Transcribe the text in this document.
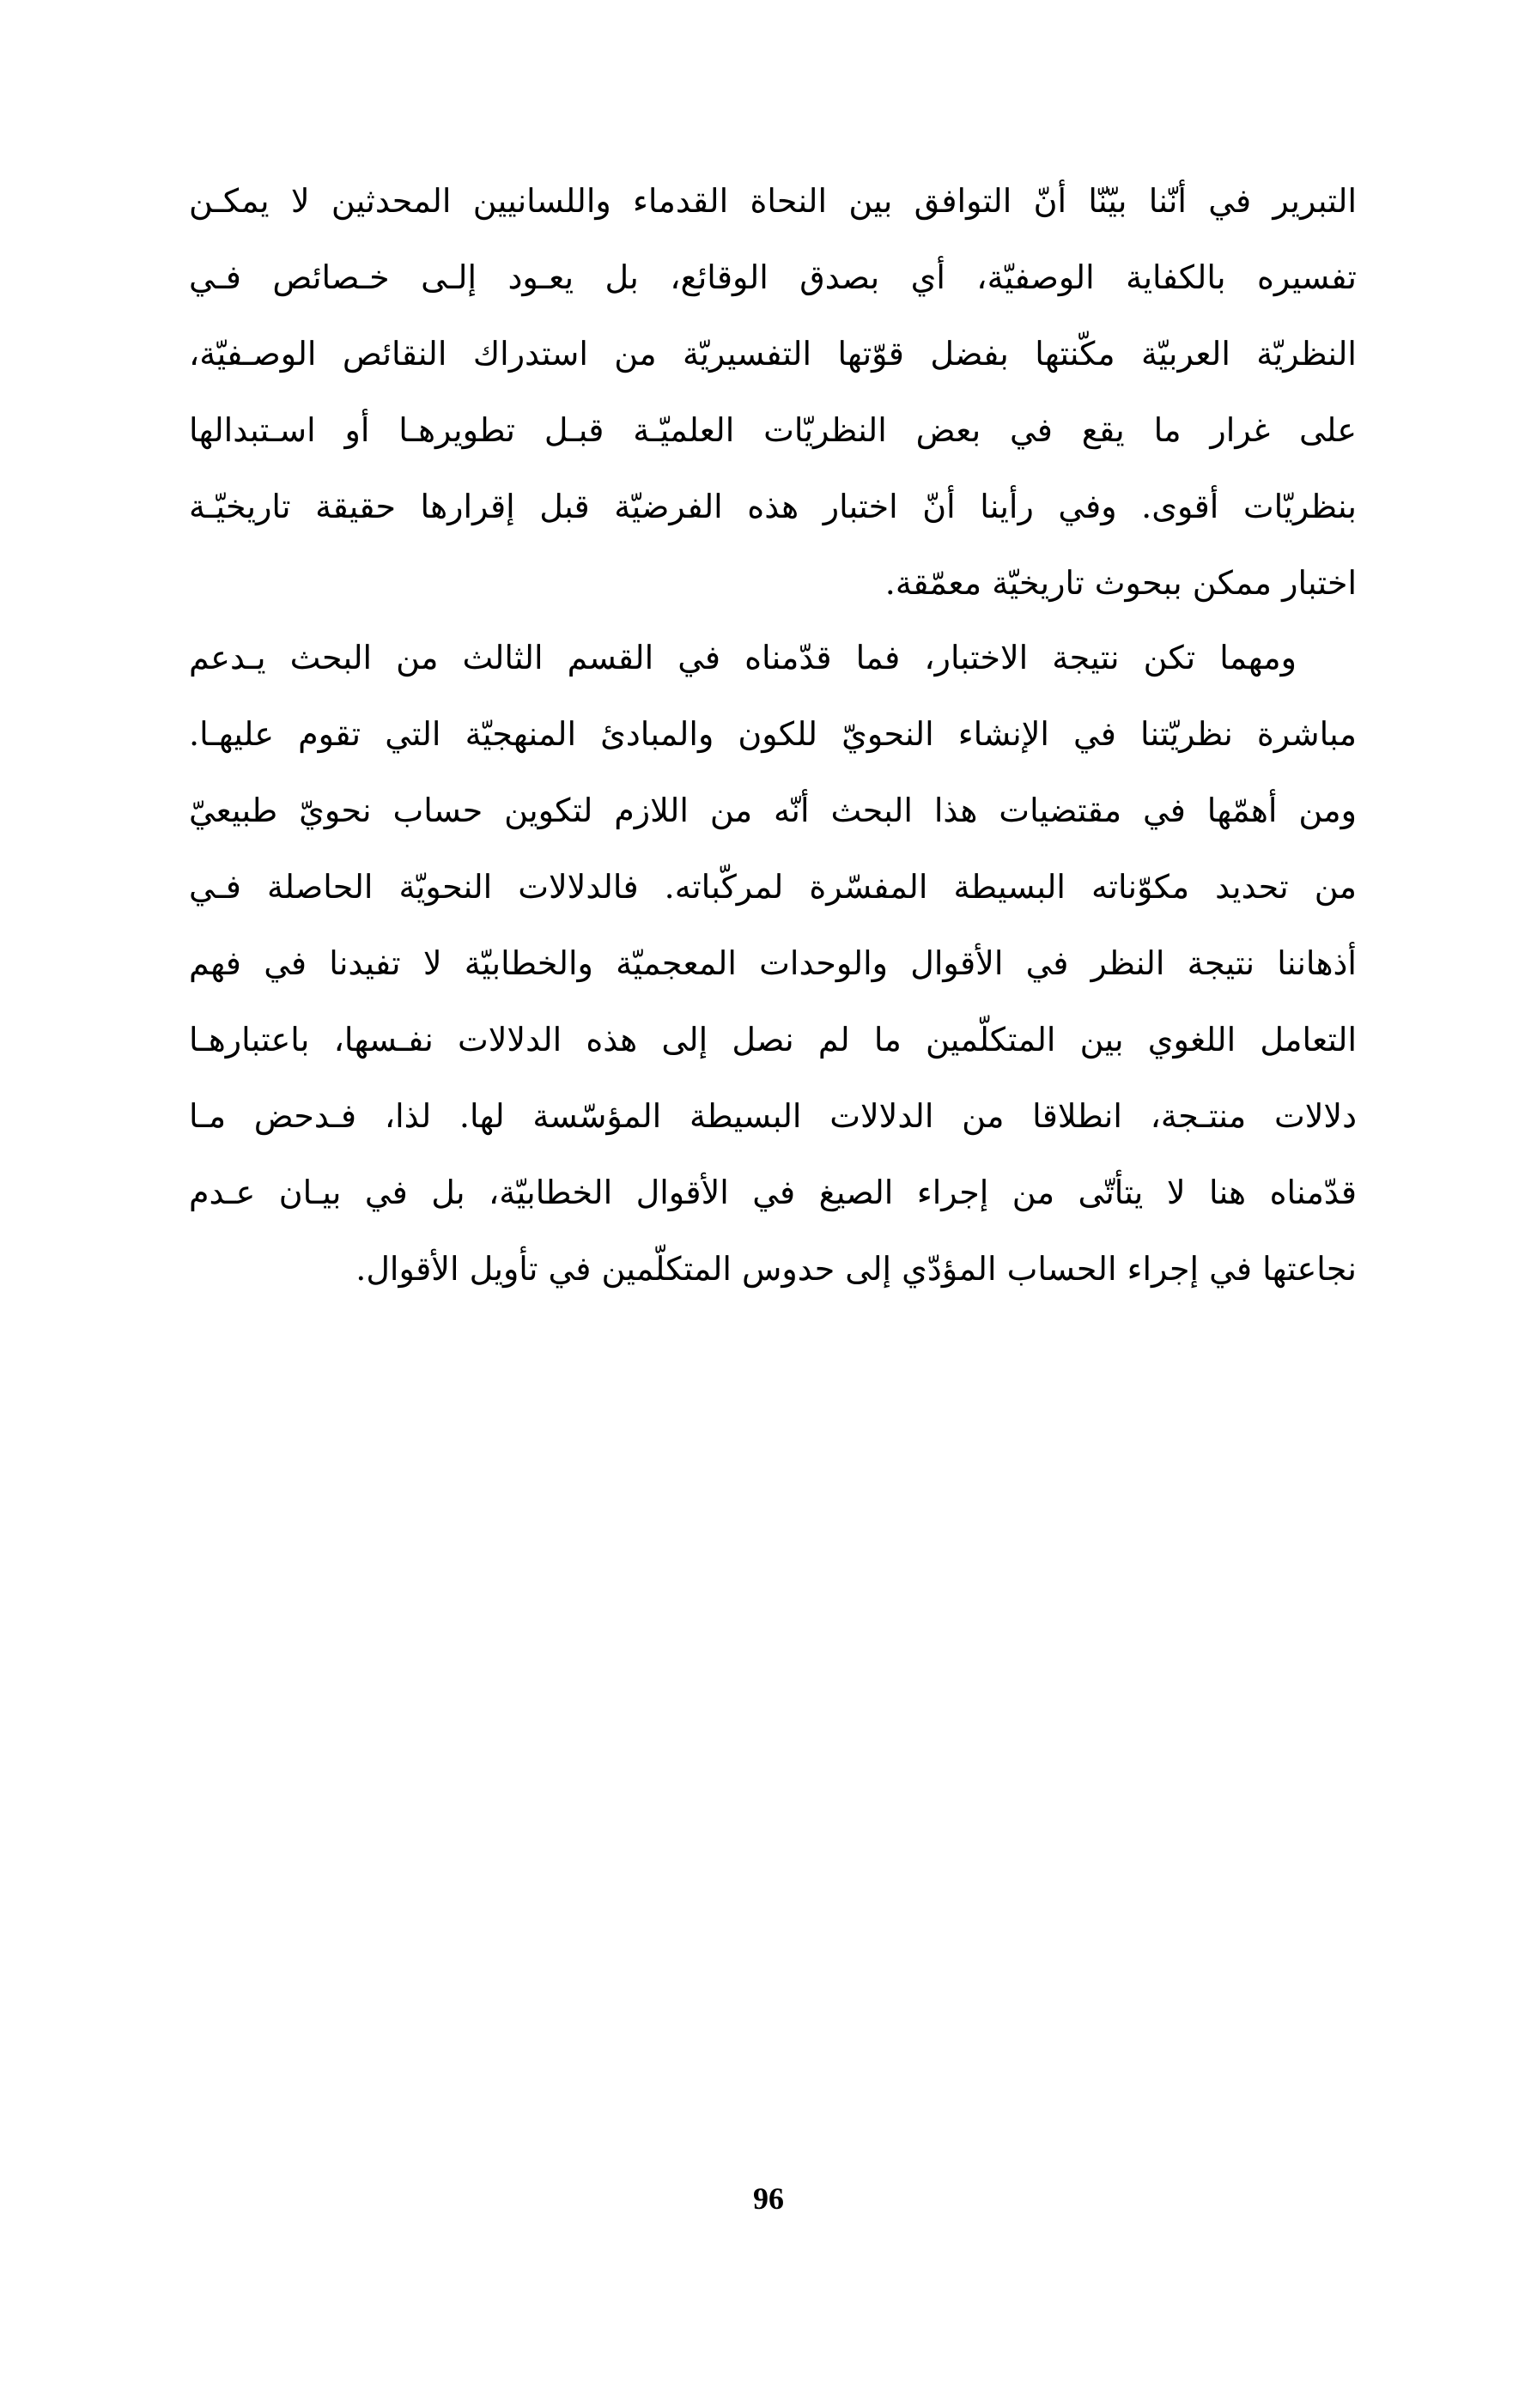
التبرير في أنّنا بيّنّا أنّ التوافق بين النحاة القدماء واللسانيين المحدثين لا يمكـن
تفسيره بالكفاية الوصفيّة، أي بصدق الوقائع، بل يعـود إلـى خـصائص فـي
النظريّة العربيّة مكّنتها بفضل قوّتها التفسيريّة من استدراك النقائص الوصـفيّة،
على غرار ما يقع في بعض النظريّات العلميّـة قبـل تطويرهـا أو اسـتبدالها
بنظريّات أقوى. وفي رأينا أنّ اختبار هذه الفرضيّة قبل إقرارها حقيقة تاريخيّـة
اختبار ممكن ببحوث تاريخيّة معمّقة.
ومهما تكن نتيجة الاختبار، فما قدّمناه في القسم الثالث من البحث يـدعم
مباشرة نظريّتنا في الإنشاء النحويّ للكون والمبادئ المنهجيّة التي تقوم عليهـا.
ومن أهمّها في مقتضيات هذا البحث أنّه من اللازم لتكوين حساب نحويّ طبيعيّ
من تحديد مكوّناته البسيطة المفسّرة لمركّباته. فالدلالات النحويّة الحاصلة فـي
أذهاننا نتيجة النظر في الأقوال والوحدات المعجميّة والخطابيّة لا تفيدنا في فهم
التعامل اللغوي بين المتكلّمين ما لم نصل إلى هذه الدلالات نفـسها، باعتبارهـا
دلالات منتـجة، انطلاقا من الدلالات البسيطة المؤسّسة لها. لذا، فـدحض مـا
قدّمناه هنا لا يتأتّى من إجراء الصيغ في الأقوال الخطابيّة، بل في بيـان عـدم
نجاعتها في إجراء الحساب المؤدّي إلى حدوس المتكلّمين في تأويل الأقوال.
96
